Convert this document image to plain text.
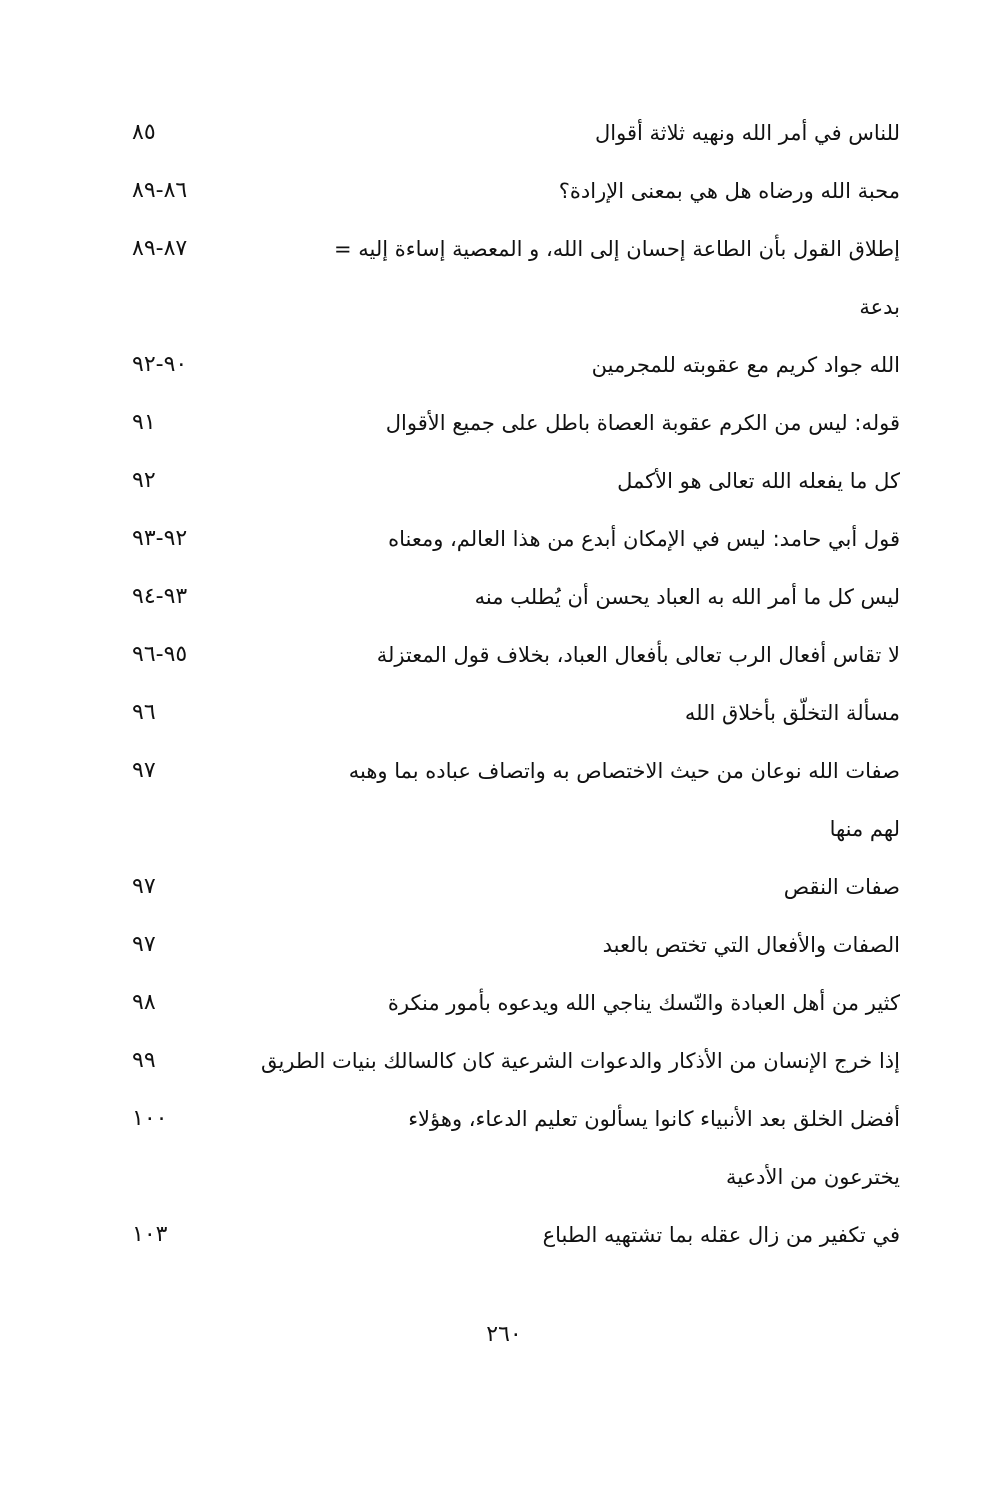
للناس في أمر الله ونهيه ثلاثة أقوال
٨٥
محبة الله ورضاه هل هي بمعنى الإرادة؟
٨٦-٨٩
إطلاق القول بأن الطاعة إحسان إلى الله، و المعصية إساءة إليه = بدعة
٨٧-٨٩
الله جواد كريم مع عقوبته للمجرمين
٩٠-٩٢
قوله: ليس من الكرم عقوبة العصاة باطل على جميع الأقوال
٩١
كل ما يفعله الله تعالى هو الأكمل
٩٢
قول أبي حامد: ليس في الإمكان أبدع من هذا العالم، ومعناه
٩٢-٩٣
ليس كل ما أمر الله به العباد يحسن أن يُطلب منه
٩٣-٩٤
لا تقاس أفعال الرب تعالى بأفعال العباد، بخلاف قول المعتزلة
٩٥-٩٦
مسألة التخلّق بأخلاق الله
٩٦
صفات الله نوعان من حيث الاختصاص به واتصاف عباده بما وهبه لهم منها
٩٧
صفات النقص
٩٧
الصفات والأفعال التي تختص بالعبد
٩٧
كثير من أهل العبادة والنّسك يناجي الله ويدعوه بأمور منكرة
٩٨
إذا خرج الإنسان من الأذكار والدعوات الشرعية كان كالسالك بنيات الطريق
٩٩
أفضل الخلق بعد الأنبياء كانوا يسألون تعليم الدعاء، وهؤلاء يخترعون من الأدعية
١٠٠
في تكفير من زال عقله بما تشتهيه الطباع
١٠٣
٢٦٠
